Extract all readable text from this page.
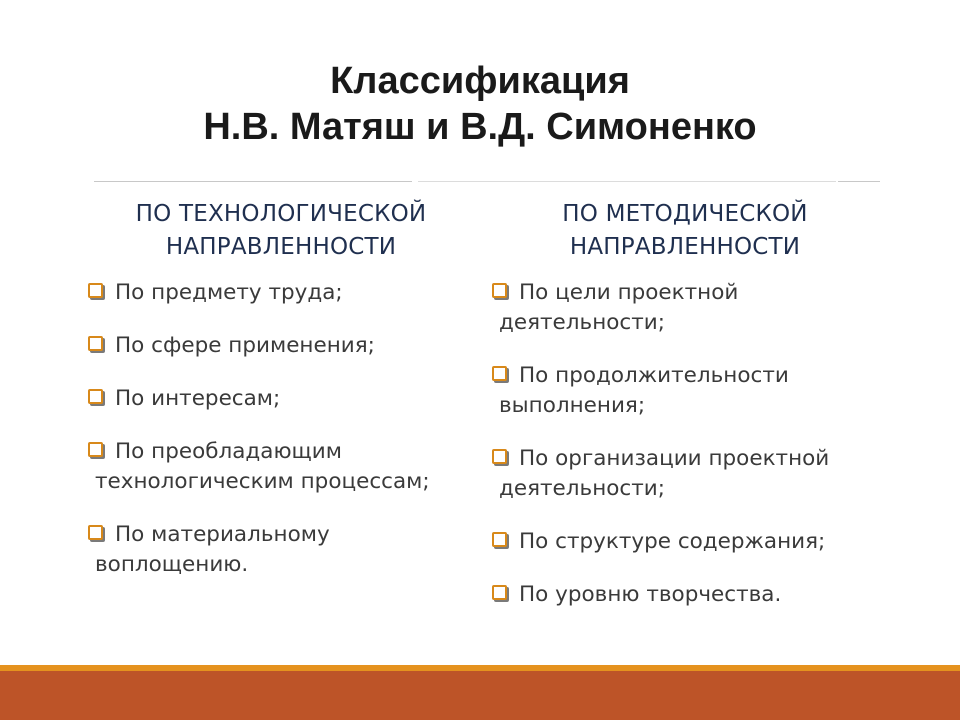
Классификация
Н.В. Матяш и В.Д. Симоненко
ПО ТЕХНОЛОГИЧЕСКОЙ
НАПРАВЛЕННОСТИ
По предмету труда;
По сфере применения;
По интересам;
По преобладающим
технологическим процессам;
По материальному
воплощению.
ПО МЕТОДИЧЕСКОЙ
НАПРАВЛЕННОСТИ
По цели проектной
деятельности;
По продолжительности
выполнения;
По организации проектной
деятельности;
По структуре содержания;
По уровню творчества.
